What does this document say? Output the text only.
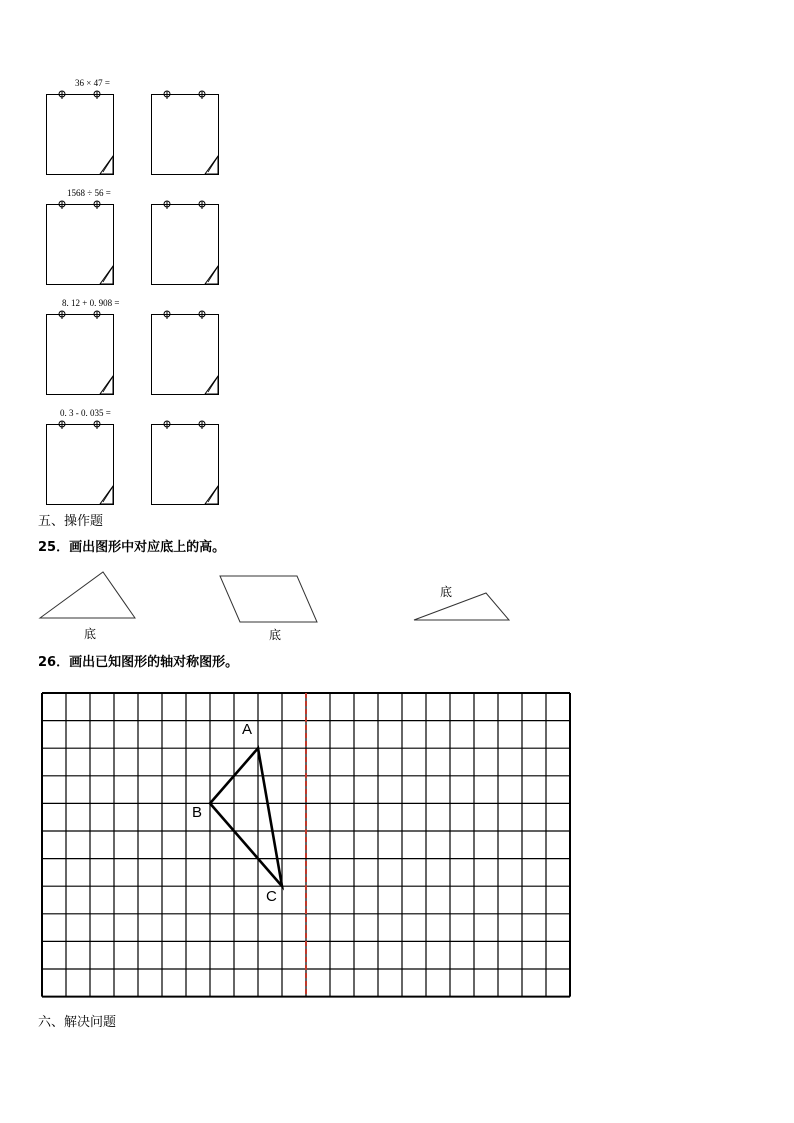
36 × 47 =
1568 ÷ 56 =
8. 12 + 0. 908 =
0. 3 - 0. 035 =
五、操作题
25．画出图形中对应底上的高。
底	底
底
26．画出已知图形的轴对称图形。
A
B
C
六、解决问题
